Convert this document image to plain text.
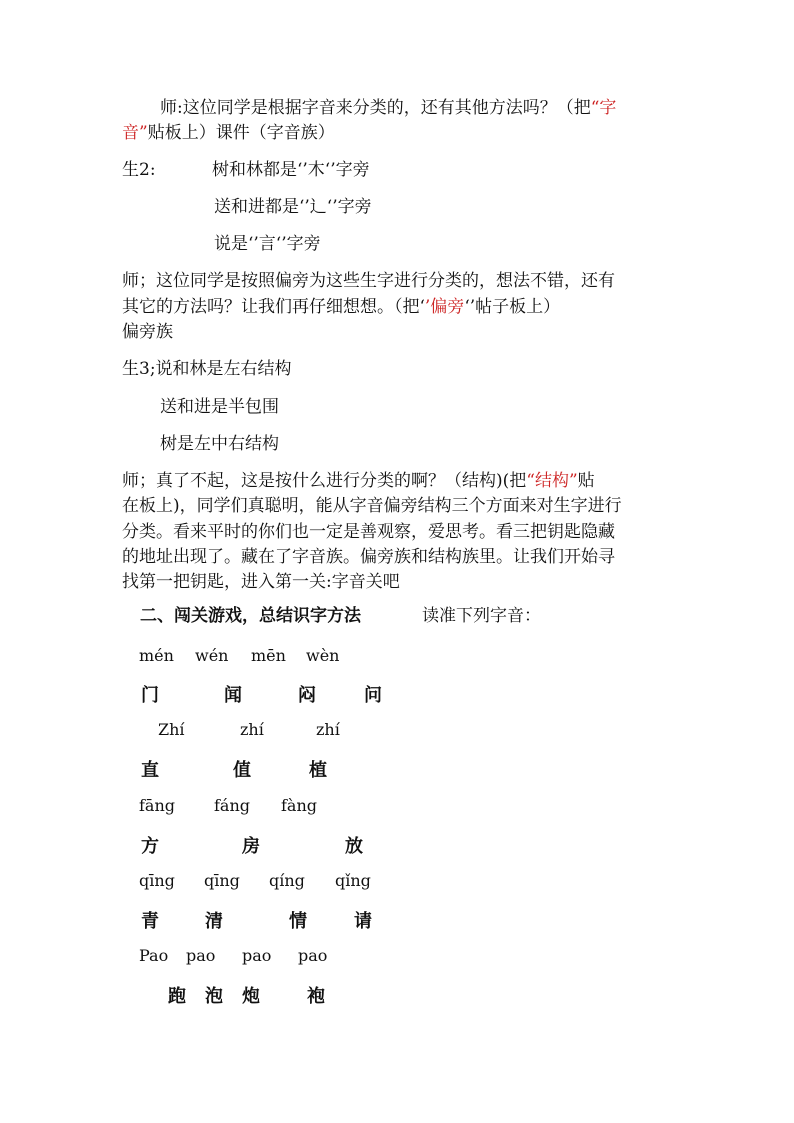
师:这位同学是根据字音来分类的，还有其他方法吗？（把“字
音”贴板上）课件（字音族）
生2:	树和林都是‘’木‘’字旁
送和进都是‘’辶‘’字旁
说是‘’言‘’字旁
师；这位同学是按照偏旁为这些生字进行分类的，想法不错，还有
其它的方法吗？让我们再仔细想想。（把‘’偏旁‘’帖子板上）
偏旁族
生3;说和林是左右结构
送和进是半包围
树是左中右结构
师；真了不起，这是按什么进行分类的啊？（结构)(把“结构”贴
在板上)，同学们真聪明，能从字音偏旁结构三个方面来对生字进行
分类。看来平时的你们也一定是善观察，爱思考。看三把钥匙隐藏
的地址出现了。藏在了字音族。偏旁族和结构族里。让我们开始寻
找第一把钥匙，进入第一关:字音关吧
二、闯关游戏，总结识字方法	读准下列字音：
mén wén mēn wèn
门	闻	闷	问
Zhí	zhí	zhí
直	值	植
fāng fáng fàng
方	房	放
qīng qīng qíng qǐng
青	清	情	请
Pao pao pao pao
跑 泡 炮	袍
